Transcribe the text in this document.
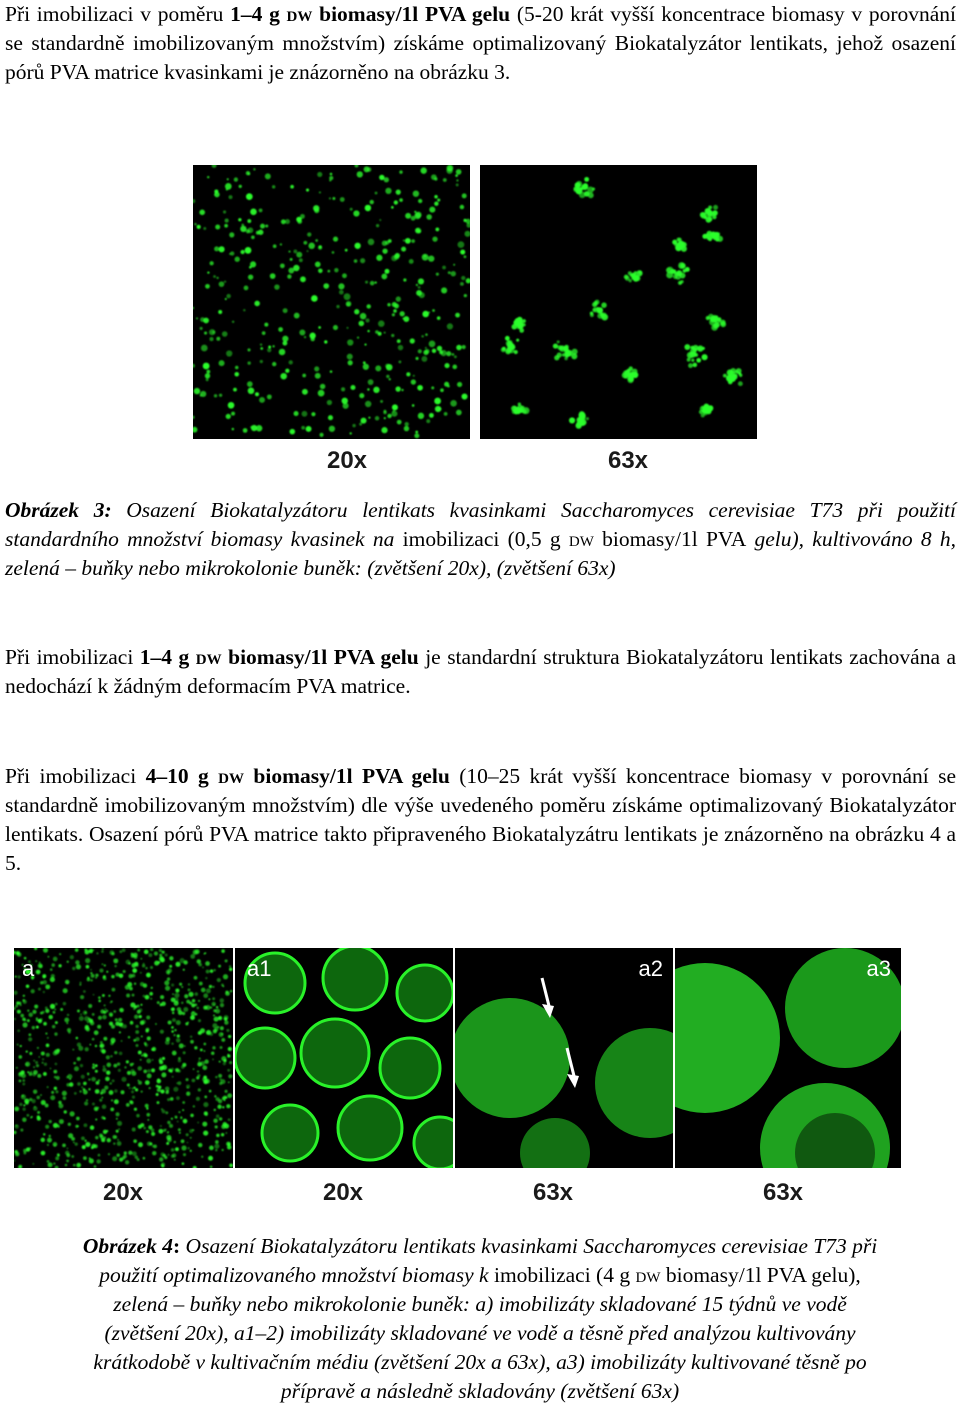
Při imobilizaci v poměru 1–4 g dw biomasy/1l PVA gelu (5-20 krát vyšší koncentrace biomasy v porovnání se standardně imobilizovaným množstvím) získáme optimalizovaný Biokatalyzátor lentikats, jehož osazení pórů PVA matrice kvasinkami je znázorněno na obrázku 3.
20x	63x
Obrázek 3: Osazení Biokatalyzátoru lentikats kvasinkami Saccharomyces cerevisiae T73 při použití standardního množství biomasy kvasinek na imobilizaci (0,5 g dw biomasy/1l PVA gelu), kultivováno 8 h, zelená – buňky nebo mikrokolonie buněk: (zvětšení 20x), (zvětšení 63x)
Při imobilizaci 1–4 g dw biomasy/1l PVA gelu je standardní struktura Biokatalyzátoru lentikats zachována a nedochází k žádným deformacím PVA matrice.
Při imobilizaci 4–10 g dw biomasy/1l PVA gelu (10–25 krát vyšší koncentrace biomasy v porovnání se standardně imobilizovaným množstvím) dle výše uvedeného poměru získáme optimalizovaný Biokatalyzátor lentikats. Osazení pórů PVA matrice takto připraveného Biokatalyzátru lentikats je znázorněno na obrázku 4 a 5.
a	a1	a2	a3
20x	20x	63x	63x
Obrázek 4: Osazení Biokatalyzátoru lentikats kvasinkami Saccharomyces cerevisiae T73 při
použití optimalizovaného množství biomasy k imobilizaci (4 g dw biomasy/1l PVA gelu),
zelená – buňky nebo mikrokolonie buněk: a) imobilizáty skladované 15 týdnů ve vodě
(zvětšení 20x), a1–2) imobilizáty skladované ve vodě a těsně před analýzou kultivovány
krátkodobě v kultivačním médiu (zvětšení 20x a 63x), a3) imobilizáty kultivované těsně po
přípravě a následně skladovány (zvětšení 63x)
